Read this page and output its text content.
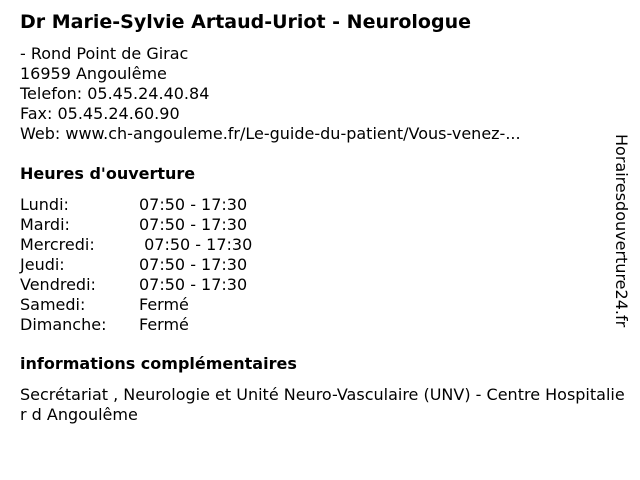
Dr Marie-Sylvie Artaud-Uriot - Neurologue
- Rond Point de Girac
16959 Angoulême
Telefon: 05.45.24.40.84
Fax: 05.45.24.60.90
Web: www.ch-angouleme.fr/Le-guide-du-patient/Vous-venez-...
Heures d'ouverture
Lundi:	07:50 - 17:30
Mardi:	07:50 - 17:30
Mercredi:	07:50 - 17:30
Jeudi:	07:50 - 17:30
Vendredi:	07:50 - 17:30
Samedi:	Fermé
Dimanche: Fermé
informations complémentaires
Secrétariat , Neurologie et Unité Neuro-Vasculaire (UNV) - Centre Hospitalier d Angoulême
Horairesdouverture24.fr
